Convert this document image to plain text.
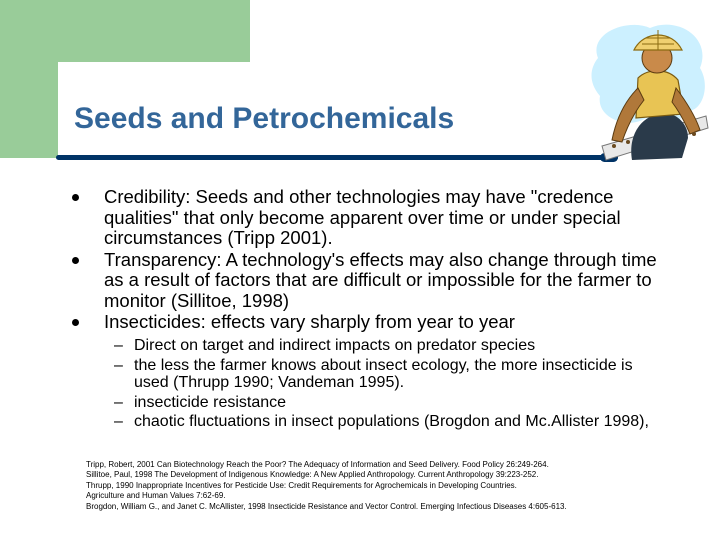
Seeds and Petrochemicals
Credibility: Seeds and other technologies may have "credence qualities" that only become apparent over time or under special circumstances (Tripp 2001).
Transparency: A technology's effects may also change through time as a result of factors that are difficult or impossible for the farmer to monitor (Sillitoe, 1998)
Insecticides: effects vary sharply from year to year
– Direct on target and indirect impacts on predator species
– the less the farmer knows about insect ecology, the more insecticide is used (Thrupp 1990; Vandeman 1995).
– insecticide resistance
– chaotic fluctuations in insect populations (Brogdon and Mc.Allister 1998),
Tripp, Robert, 2001 Can Biotechnology Reach the Poor? The Adequacy of Information and Seed Delivery. Food Policy 26:249-264.
Sillitoe, Paul, 1998 The Development of Indigenous Knowledge: A New Applied Anthropology. Current Anthropology 39:223-252.
Thrupp, 1990 Inappropriate Incentives for Pesticide Use: Credit Requirements for Agrochemicals in Developing Countries.
Agriculture and Human Values 7:62-69.
Brogdon, William G., and Janet C. McAllister, 1998 Insecticide Resistance and Vector Control. Emerging Infectious Diseases 4:605-613.
